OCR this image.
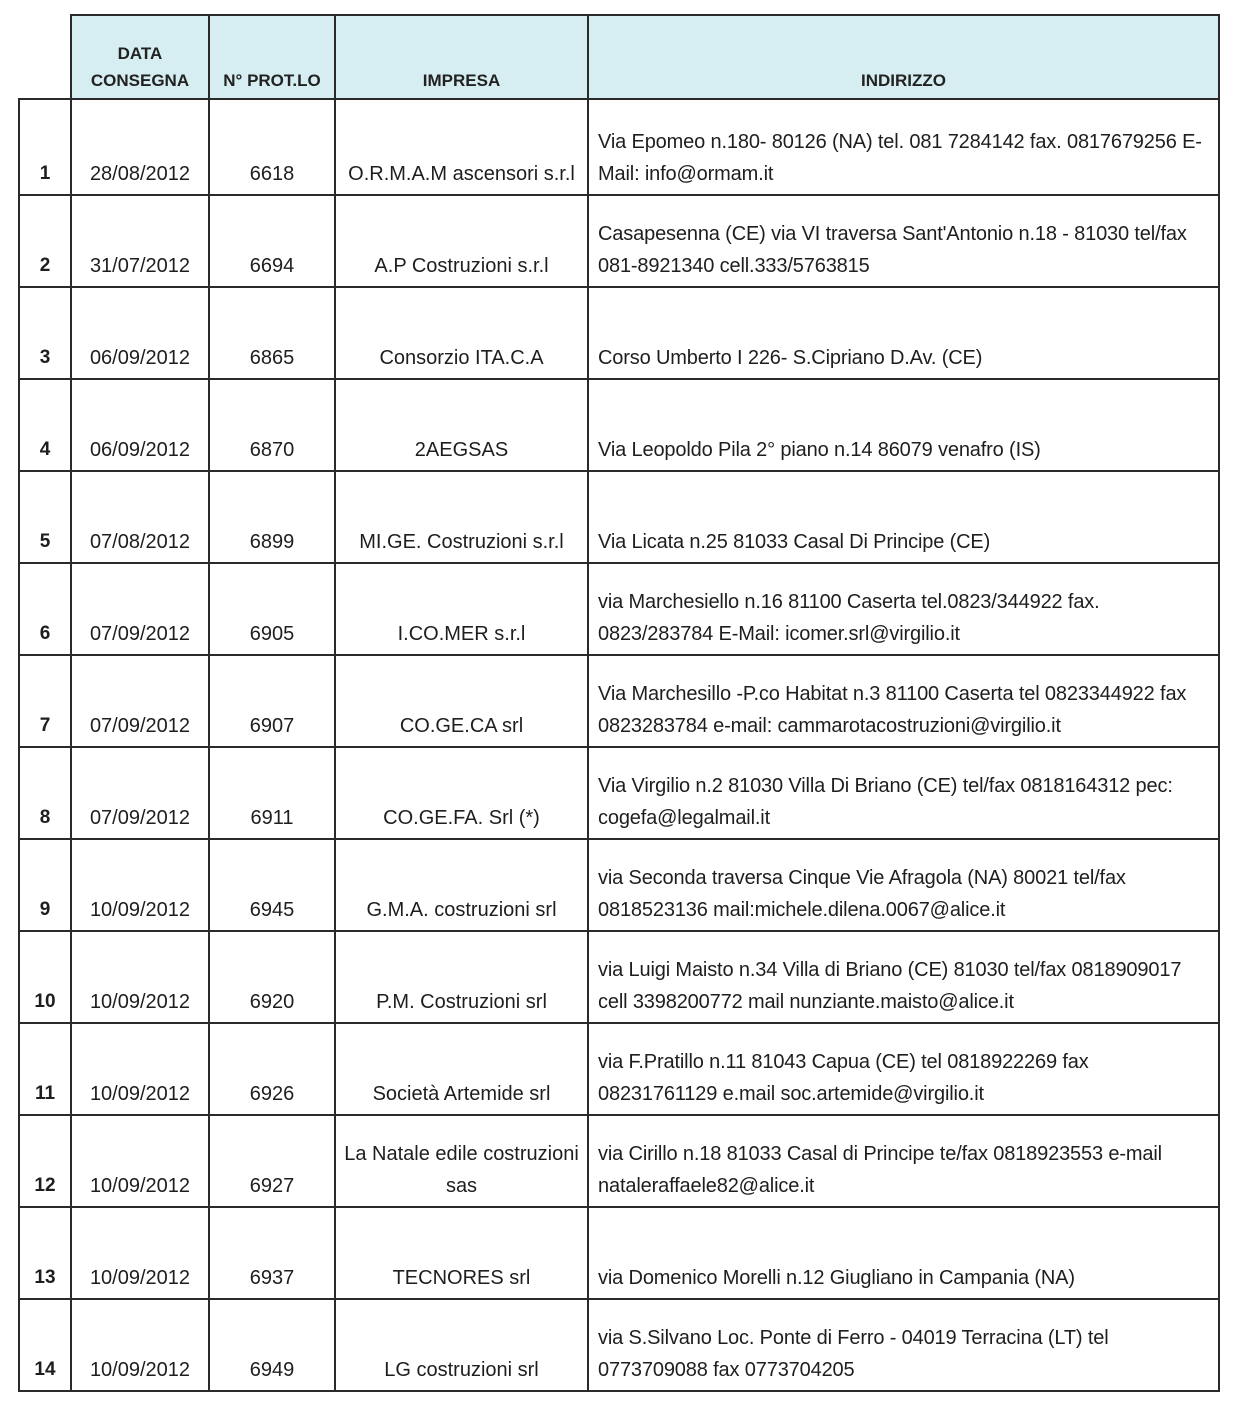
	DATA CONSEGNA	N° PROT.LO	IMPRESA	INDIRIZZO
1	28/08/2012	6618	O.R.M.A.M ascensori s.r.l	Via Epomeo n.180- 80126 (NA) tel. 081 7284142 fax. 0817679256 E-Mail: info@ormam.it
2	31/07/2012	6694	A.P Costruzioni s.r.l	Casapesenna (CE) via VI traversa Sant'Antonio n.18 - 81030 tel/fax 081-8921340 cell.333/5763815
3	06/09/2012	6865	Consorzio ITA.C.A	Corso Umberto I 226- S.Cipriano D.Av. (CE)
4	06/09/2012	6870	2AEGSAS	Via Leopoldo Pila 2° piano n.14 86079 venafro (IS)
5	07/08/2012	6899	MI.GE. Costruzioni s.r.l	Via Licata n.25 81033 Casal Di Principe (CE)
6	07/09/2012	6905	I.CO.MER s.r.l	via Marchesiello n.16 81100 Caserta tel.0823/344922 fax. 0823/283784 E-Mail: icomer.srl@virgilio.it
7	07/09/2012	6907	CO.GE.CA srl	Via Marchesillo -P.co Habitat n.3 81100 Caserta tel 0823344922 fax 0823283784 e-mail: cammarotacostruzioni@virgilio.it
8	07/09/2012	6911	CO.GE.FA. Srl (*)	Via Virgilio n.2 81030 Villa Di Briano (CE) tel/fax 0818164312 pec: cogefa@legalmail.it
9	10/09/2012	6945	G.M.A. costruzioni srl	via Seconda traversa Cinque Vie Afragola (NA) 80021 tel/fax 0818523136 mail:michele.dilena.0067@alice.it
10	10/09/2012	6920	P.M. Costruzioni srl	via Luigi Maisto n.34 Villa di Briano (CE) 81030 tel/fax 0818909017 cell 3398200772 mail nunziante.maisto@alice.it
11	10/09/2012	6926	Società Artemide srl	via F.Pratillo n.11 81043 Capua (CE) tel 0818922269 fax 08231761129 e.mail soc.artemide@virgilio.it
12	10/09/2012	6927	La Natale edile costruzioni sas	via Cirillo n.18 81033 Casal di Principe te/fax 0818923553 e-mail nataleraffaele82@alice.it
13	10/09/2012	6937	TECNORES srl	via Domenico Morelli n.12 Giugliano in Campania (NA)
14	10/09/2012	6949	LG costruzioni srl	via S.Silvano Loc. Ponte di Ferro - 04019 Terracina (LT) tel 0773709088 fax 0773704205
